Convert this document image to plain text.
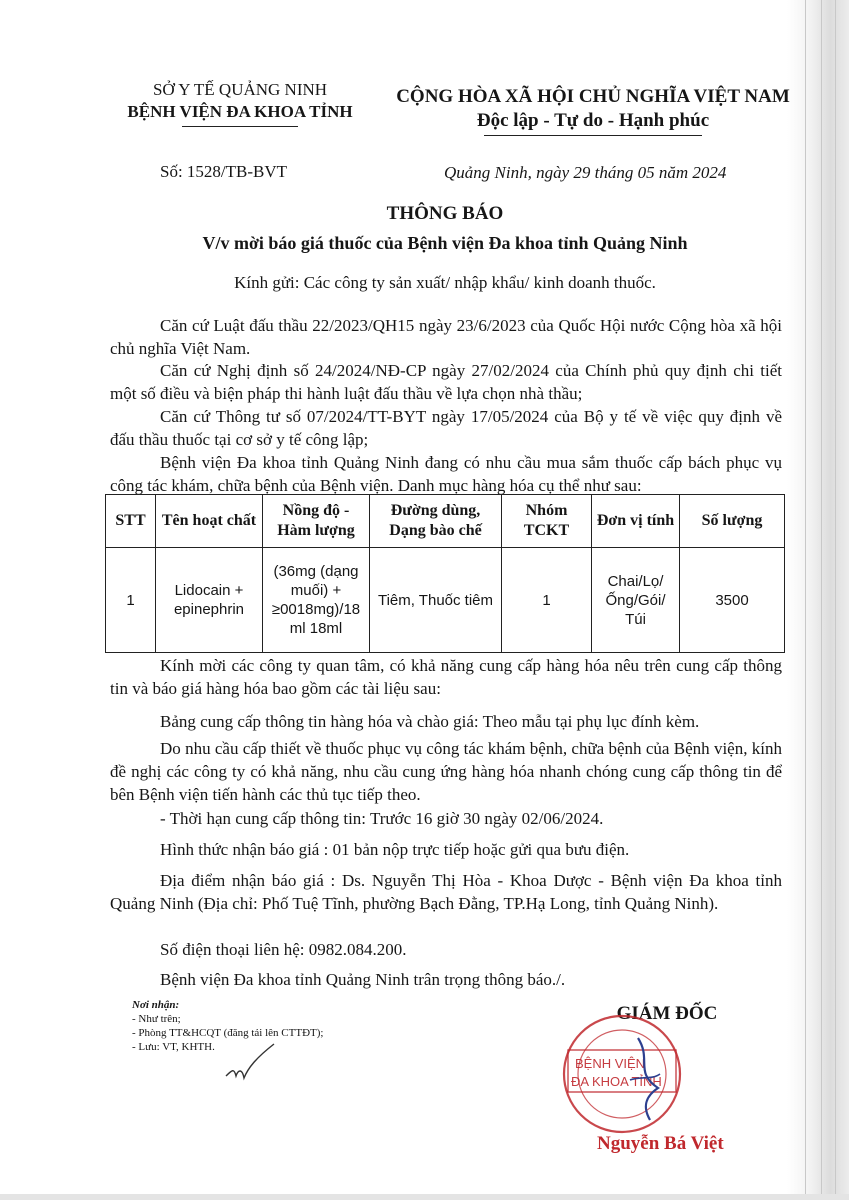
SỞ Y TẾ QUẢNG NINH
BỆNH VIỆN ĐA KHOA TỈNH
CỘNG HÒA XÃ HỘI CHỦ NGHĨA VIỆT NAM
Độc lập - Tự do - Hạnh phúc
Số: 1528/TB-BVT	Quảng Ninh, ngày 29 tháng 05 năm 2024
THÔNG BÁO
V/v mời báo giá thuốc của Bệnh viện Đa khoa tỉnh Quảng Ninh
Kính gửi: Các công ty sản xuất/ nhập khẩu/ kinh doanh thuốc.
Căn cứ Luật đấu thầu 22/2023/QH15 ngày 23/6/2023 của Quốc Hội nước Cộng hòa xã hội chủ nghĩa Việt Nam.
Căn cứ Nghị định số 24/2024/NĐ-CP ngày 27/02/2024 của Chính phủ quy định chi tiết một số điều và biện pháp thi hành luật đấu thầu về lựa chọn nhà thầu;
Căn cứ Thông tư số 07/2024/TT-BYT ngày 17/05/2024 của Bộ y tế về việc quy định về đấu thầu thuốc tại cơ sở y tế công lập;
Bệnh viện Đa khoa tỉnh Quảng Ninh đang có nhu cầu mua sắm thuốc cấp bách phục vụ công tác khám, chữa bệnh của Bệnh viện. Danh mục hàng hóa cụ thể như sau:
STT	Tên hoạt chất	Nồng độ - Hàm lượng	Đường dùng, Dạng bào chế	Nhóm TCKT	Đơn vị tính	Số lượng
1	Lidocain + epinephrin	(36mg (dạng muối) + ≥0018mg)/18 ml 18ml	Tiêm, Thuốc tiêm	1	Chai/Lọ/ Ống/Gói/ Túi	3500
Kính mời các công ty quan tâm, có khả năng cung cấp hàng hóa nêu trên cung cấp thông tin và báo giá hàng hóa bao gồm các tài liệu sau:
Bảng cung cấp thông tin hàng hóa và chào giá: Theo mẫu tại phụ lục đính kèm.
Do nhu cầu cấp thiết về thuốc phục vụ công tác khám bệnh, chữa bệnh của Bệnh viện, kính đề nghị các công ty có khả năng, nhu cầu cung ứng hàng hóa nhanh chóng cung cấp thông tin để bên Bệnh viện tiến hành các thủ tục tiếp theo.
- Thời hạn cung cấp thông tin: Trước 16 giờ 30 ngày 02/06/2024.
Hình thức nhận báo giá : 01 bản nộp trực tiếp hoặc gửi qua bưu điện.
Địa điểm nhận báo giá : Ds. Nguyễn Thị Hòa - Khoa Dược - Bệnh viện Đa khoa tỉnh Quảng Ninh (Địa chỉ: Phố Tuệ Tĩnh, phường Bạch Đằng, TP.Hạ Long, tỉnh Quảng Ninh).
Số điện thoại liên hệ: 0982.084.200.
Bệnh viện Đa khoa tỉnh Quảng Ninh trân trọng thông báo./.
Nơi nhận:
- Như trên;
- Phòng TT&HCQT (đăng tải lên CTTĐT);
- Lưu: VT, KHTH.
GIÁM ĐỐC
BỆNH VIỆN
ĐA KHOA TỈNH
Nguyễn Bá Việt
